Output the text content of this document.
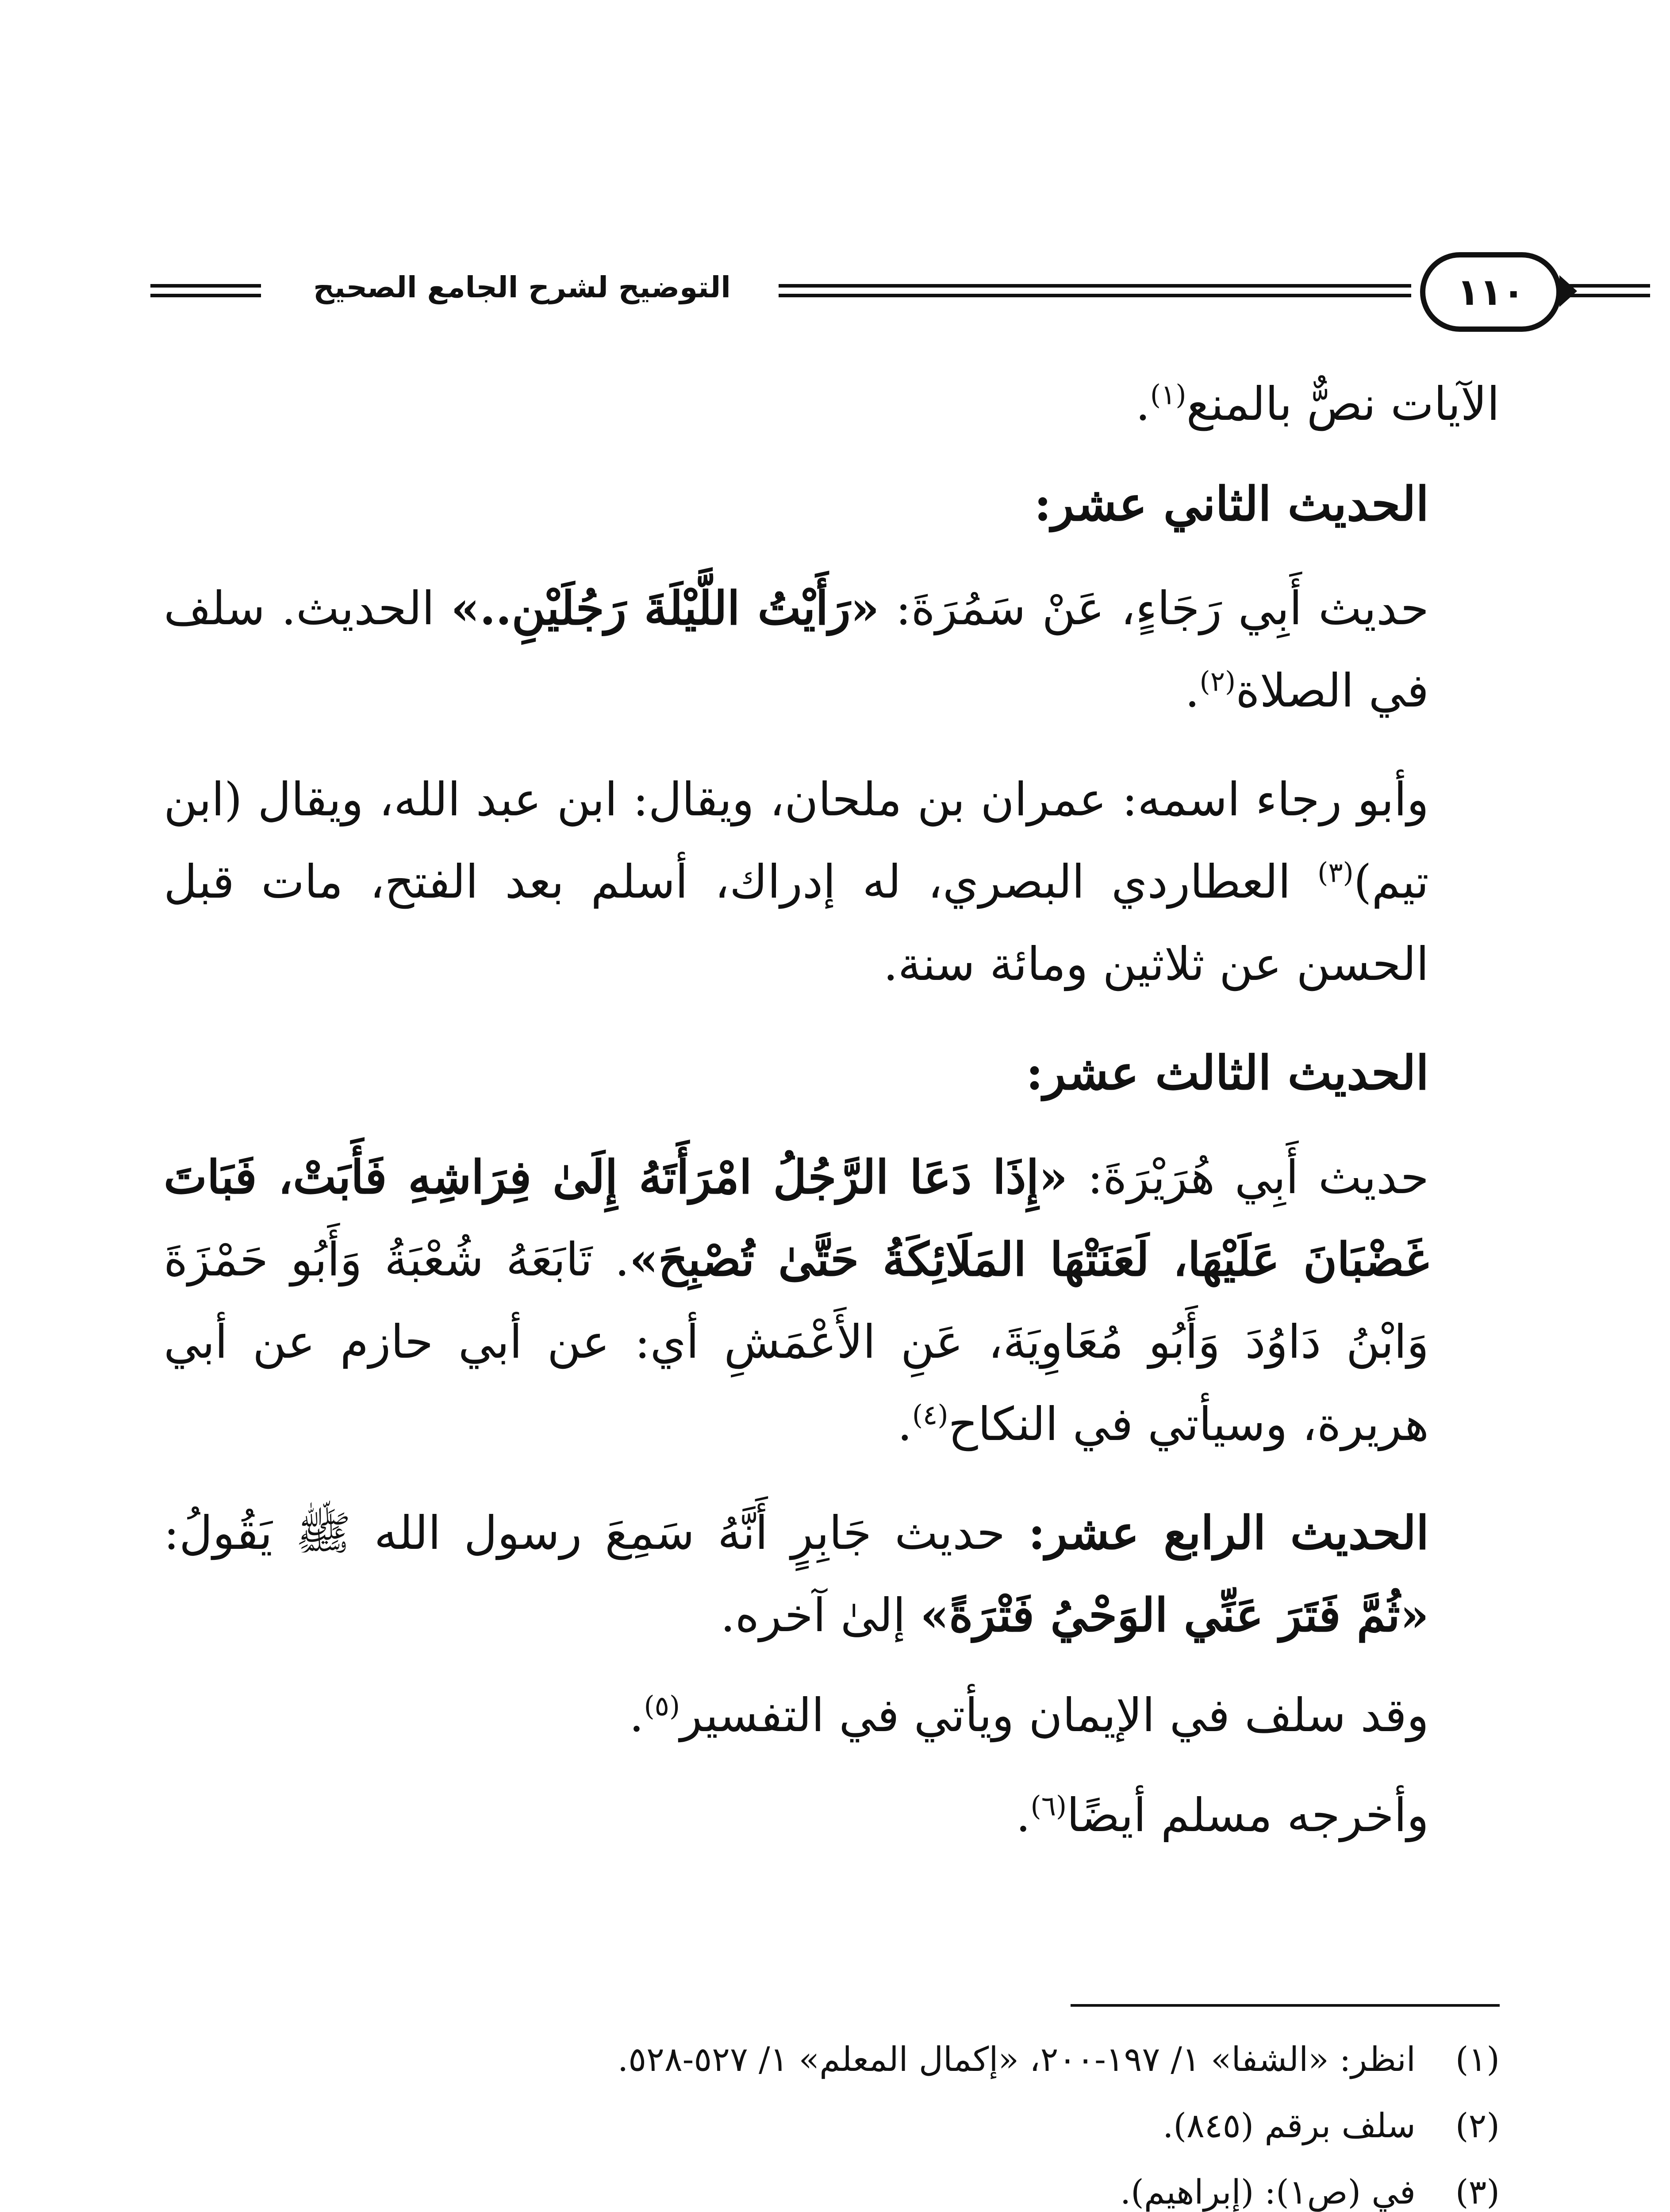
التوضيح لشرح الجامع الصحيح	١١٠

الآيات نصٌّ بالمنع$^{(١)}$.

الحديث الثاني عشر:

حديث أَبِي رَجَاءٍ، عَنْ سَمُرَةَ: «رَأَيْتُ اللَّيْلَةَ رَجُلَيْنِ..» الحديث. سلف في الصلاة$^{(٢)}$.

وأبو رجاء اسمه: عمران بن ملحان، ويقال: ابن عبد الله، ويقال (ابن تيم)$^{(٣)}$ العطاردي البصري، له إدراك، أسلم بعد الفتح، مات قبل الحسن عن ثلاثين ومائة سنة.

الحديث الثالث عشر:

حديث أَبِي هُرَيْرَةَ: «إِذَا دَعَا الرَّجُلُ امْرَأَتَهُ إِلَىٰ فِرَاشِهِ فَأَبَتْ، فَبَاتَ غَضْبَانَ عَلَيْهَا، لَعَنَتْهَا المَلَائِكَةُ حَتَّىٰ تُصْبِحَ». تَابَعَهُ شُعْبَةُ وَأَبُو حَمْزَةَ وَابْنُ دَاوُدَ وَأَبُو مُعَاوِيَةَ، عَنِ الأَعْمَشِ أي: عن أبي حازم عن أبي هريرة، وسيأتي في النكاح$^{(٤)}$.

الحديث الرابع عشر: حديث جَابِرٍ أَنَّهُ سَمِعَ رسول الله ﷺ يَقُولُ: «ثُمَّ فَتَرَ عَنِّي الوَحْيُ فَتْرَةً» إلىٰ آخره.

وقد سلف في الإيمان ويأتي في التفسير$^{(٥)}$.

وأخرجه مسلم أيضًا$^{(٦)}$.

(١)
انظر: «الشفا» ١/ ١٩٧-٢٠٠، «إكمال المعلم» ١/ ٥٢٧-٥٢٨.
(٢)
سلف برقم (٨٤٥).
(٣)
في (ص١): (إبراهيم).
